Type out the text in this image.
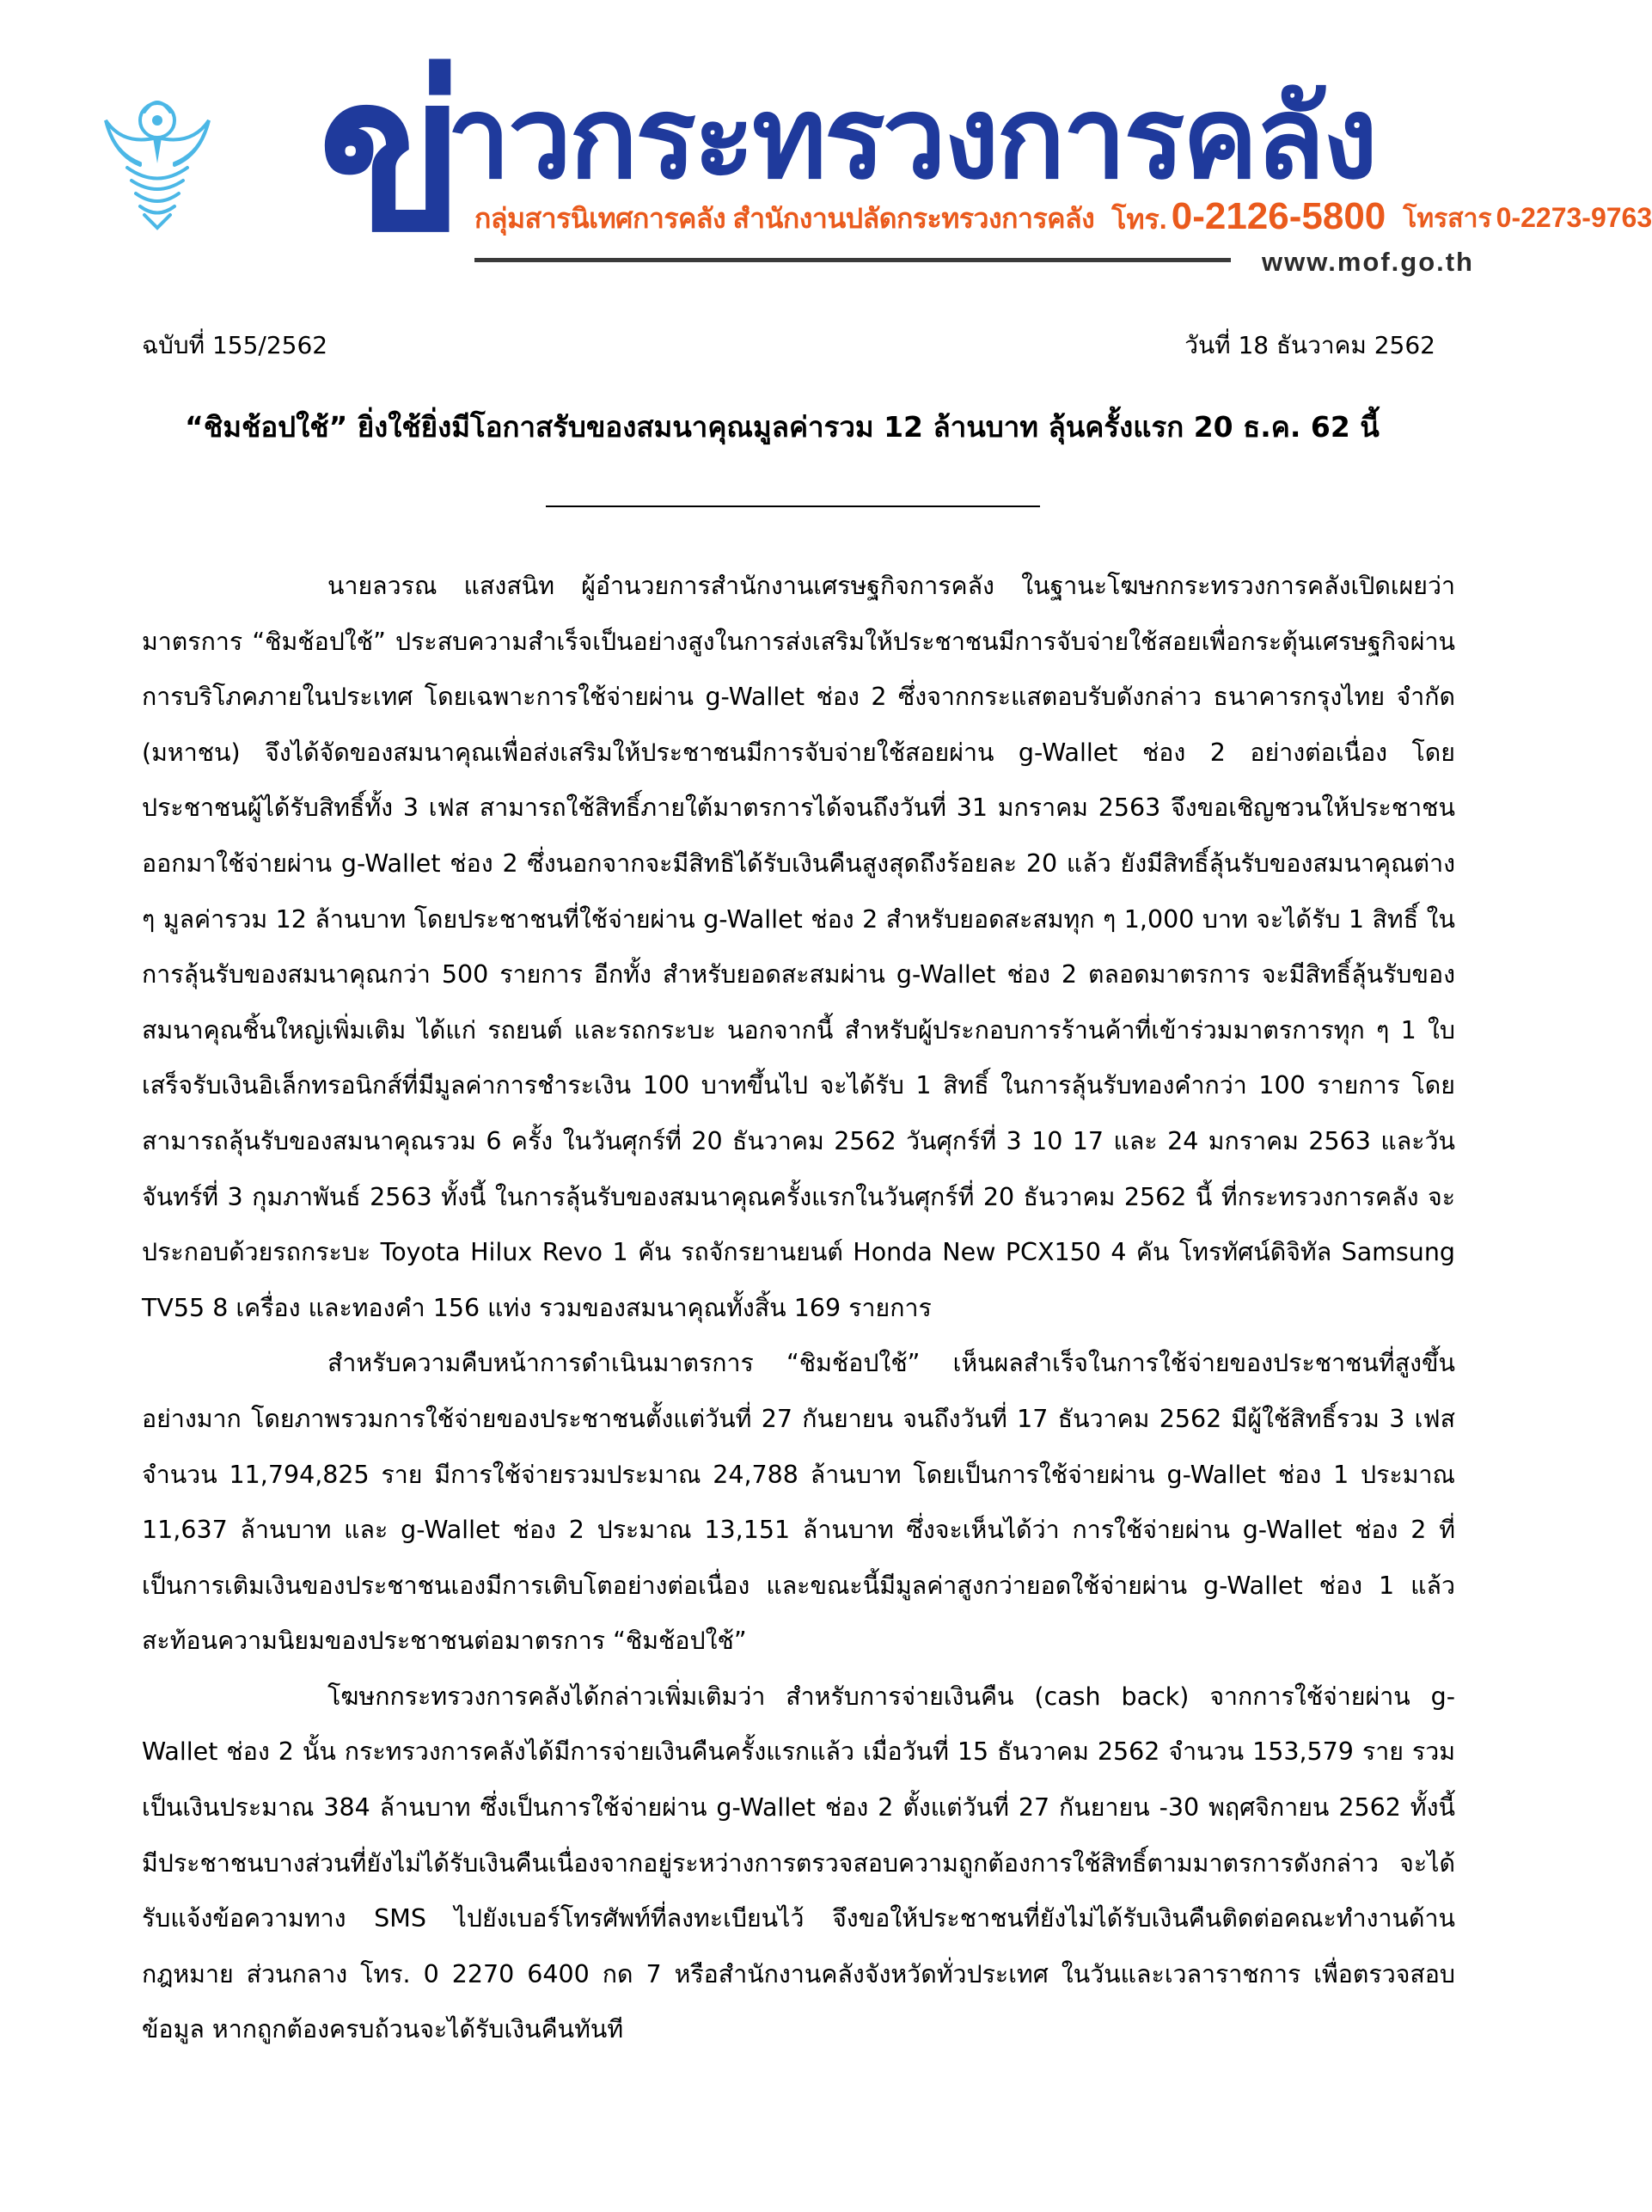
ข่
าวกระทรวงการคลัง
กลุ่มสารนิเทศการคลัง สำนักงานปลัดกระทรวงการคลัง โทร. 0-2126-5800 โทรสาร 0-2273-9763
www.mof.go.th
ฉบับที่ 155/2562	วันที่ 18 ธันวาคม 2562
“ชิมช้อปใช้” ยิ่งใช้ยิ่งมีโอกาสรับของสมนาคุณมูลค่ารวม 12 ล้านบาท ลุ้นครั้งแรก 20 ธ.ค. 62 นี้

นายลวรณ แสงสนิท ผู้อำนวยการสำนักงานเศรษฐกิจการคลัง ในฐานะโฆษกกระทรวงการคลังเปิดเผยว่า มาตรการ “ชิมช้อปใช้” ประสบความสำเร็จเป็นอย่างสูงในการส่งเสริมให้ประชาชนมีการจับจ่ายใช้สอยเพื่อกระตุ้นเศรษฐกิจผ่านการบริโภคภายในประเทศ โดยเฉพาะการใช้จ่ายผ่าน g-Wallet ช่อง 2 ซึ่งจากกระแสตอบรับดังกล่าว ธนาคารกรุงไทย จำกัด (มหาชน) จึงได้จัดของสมนาคุณเพื่อส่งเสริมให้ประชาชนมีการจับจ่ายใช้สอยผ่าน g-Wallet ช่อง 2 อย่างต่อเนื่อง โดยประชาชนผู้ได้รับสิทธิ์ทั้ง 3 เฟส สามารถใช้สิทธิ์ภายใต้มาตรการได้จนถึงวันที่ 31 มกราคม 2563 จึงขอเชิญชวนให้ประชาชนออกมาใช้จ่ายผ่าน g-Wallet ช่อง 2 ซึ่งนอกจากจะมีสิทธิได้รับเงินคืนสูงสุดถึงร้อยละ 20 แล้ว ยังมีสิทธิ์ลุ้นรับของสมนาคุณต่าง ๆ มูลค่ารวม 12 ล้านบาท โดยประชาชนที่ใช้จ่ายผ่าน g-Wallet ช่อง 2 สำหรับยอดสะสมทุก ๆ 1,000 บาท จะได้รับ 1 สิทธิ์ ในการลุ้นรับของสมนาคุณกว่า 500 รายการ อีกทั้ง สำหรับยอดสะสมผ่าน g-Wallet ช่อง 2 ตลอดมาตรการ จะมีสิทธิ์ลุ้นรับของสมนาคุณชิ้นใหญ่เพิ่มเติม ได้แก่ รถยนต์ และรถกระบะ นอกจากนี้ สำหรับผู้ประกอบการร้านค้าที่เข้าร่วมมาตรการทุก ๆ 1 ใบเสร็จรับเงินอิเล็กทรอนิกส์ที่มีมูลค่าการชำระเงิน 100 บาทขึ้นไป จะได้รับ 1 สิทธิ์ ในการลุ้นรับทองคำกว่า 100 รายการ โดยสามารถลุ้นรับของสมนาคุณรวม 6 ครั้ง ในวันศุกร์ที่ 20 ธันวาคม 2562 วันศุกร์ที่ 3 10 17 และ 24 มกราคม 2563 และวันจันทร์ที่ 3 กุมภาพันธ์ 2563 ทั้งนี้ ในการลุ้นรับของสมนาคุณครั้งแรกในวันศุกร์ที่ 20 ธันวาคม 2562 นี้ ที่กระทรวงการคลัง จะประกอบด้วยรถกระบะ Toyota Hilux Revo 1 คัน รถจักรยานยนต์ Honda New PCX150 4 คัน โทรทัศน์ดิจิทัล Samsung TV55 8 เครื่อง และทองคำ 156 แท่ง รวมของสมนาคุณทั้งสิ้น 169 รายการ

สำหรับความคืบหน้าการดำเนินมาตรการ “ชิมช้อปใช้” เห็นผลสำเร็จในการใช้จ่ายของประชาชนที่สูงขึ้นอย่างมาก โดยภาพรวมการใช้จ่ายของประชาชนตั้งแต่วันที่ 27 กันยายน จนถึงวันที่ 17 ธันวาคม 2562 มีผู้ใช้สิทธิ์รวม 3 เฟสจำนวน 11,794,825 ราย มีการใช้จ่ายรวมประมาณ 24,788 ล้านบาท โดยเป็นการใช้จ่ายผ่าน g-Wallet ช่อง 1 ประมาณ 11,637 ล้านบาท และ g-Wallet ช่อง 2 ประมาณ 13,151 ล้านบาท ซึ่งจะเห็นได้ว่า การใช้จ่ายผ่าน g-Wallet ช่อง 2 ที่เป็นการเติมเงินของประชาชนเองมีการเติบโตอย่างต่อเนื่อง และขณะนี้มีมูลค่าสูงกว่ายอดใช้จ่ายผ่าน g-Wallet ช่อง 1 แล้ว สะท้อนความนิยมของประชาชนต่อมาตรการ “ชิมช้อปใช้”

โฆษกกระทรวงการคลังได้กล่าวเพิ่มเติมว่า สำหรับการจ่ายเงินคืน (cash back) จากการใช้จ่ายผ่าน g-Wallet ช่อง 2 นั้น กระทรวงการคลังได้มีการจ่ายเงินคืนครั้งแรกแล้ว เมื่อวันที่ 15 ธันวาคม 2562 จำนวน 153,579 ราย รวมเป็นเงินประมาณ 384 ล้านบาท ซึ่งเป็นการใช้จ่ายผ่าน g-Wallet ช่อง 2 ตั้งแต่วันที่ 27 กันยายน -30 พฤศจิกายน 2562 ทั้งนี้ มีประชาชนบางส่วนที่ยังไม่ได้รับเงินคืนเนื่องจากอยู่ระหว่างการตรวจสอบความถูกต้องการใช้สิทธิ์ตามมาตรการดังกล่าว จะได้รับแจ้งข้อความทาง SMS ไปยังเบอร์โทรศัพท์ที่ลงทะเบียนไว้ จึงขอให้ประชาชนที่ยังไม่ได้รับเงินคืนติดต่อคณะทำงานด้านกฎหมาย ส่วนกลาง โทร. 0 2270 6400 กด 7 หรือสำนักงานคลังจังหวัดทั่วประเทศ ในวันและเวลาราชการ เพื่อตรวจสอบข้อมูล หากถูกต้องครบถ้วนจะได้รับเงินคืนทันที
